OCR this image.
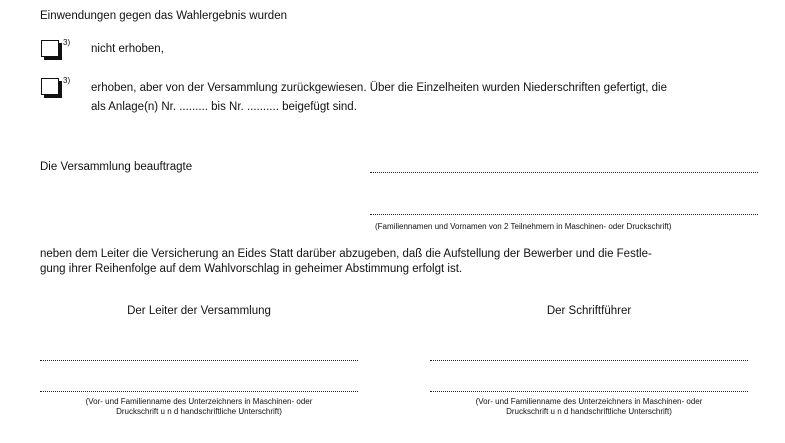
Einwendungen gegen das Wahlergebnis wurden
3)
nicht erhoben,
3)
erhoben, aber von der Versammlung zurückgewiesen. Über die Einzelheiten wurden Niederschriften gefertigt, die
als Anlage(n) Nr. ......... bis Nr. .......... beigefügt sind.
Die Versammlung beauftragte
(Familiennamen und Vornamen von 2 Teilnehmern in Maschinen- oder Druckschrift)
neben dem Leiter die Versicherung an Eides Statt darüber abzugeben, daß die Aufstellung der Bewerber und die Festle-
gung ihrer Reihenfolge auf dem Wahlvorschlag in geheimer Abstimmung erfolgt ist.
Der Leiter der Versammlung
(Vor- und Familienname des Unterzeichners in Maschinen- oder
Druckschrift u n d handschriftliche Unterschrift)
Der Schriftführer
(Vor- und Familienname des Unterzeichners in Maschinen- oder
Druckschrift u n d handschriftliche Unterschrift)
